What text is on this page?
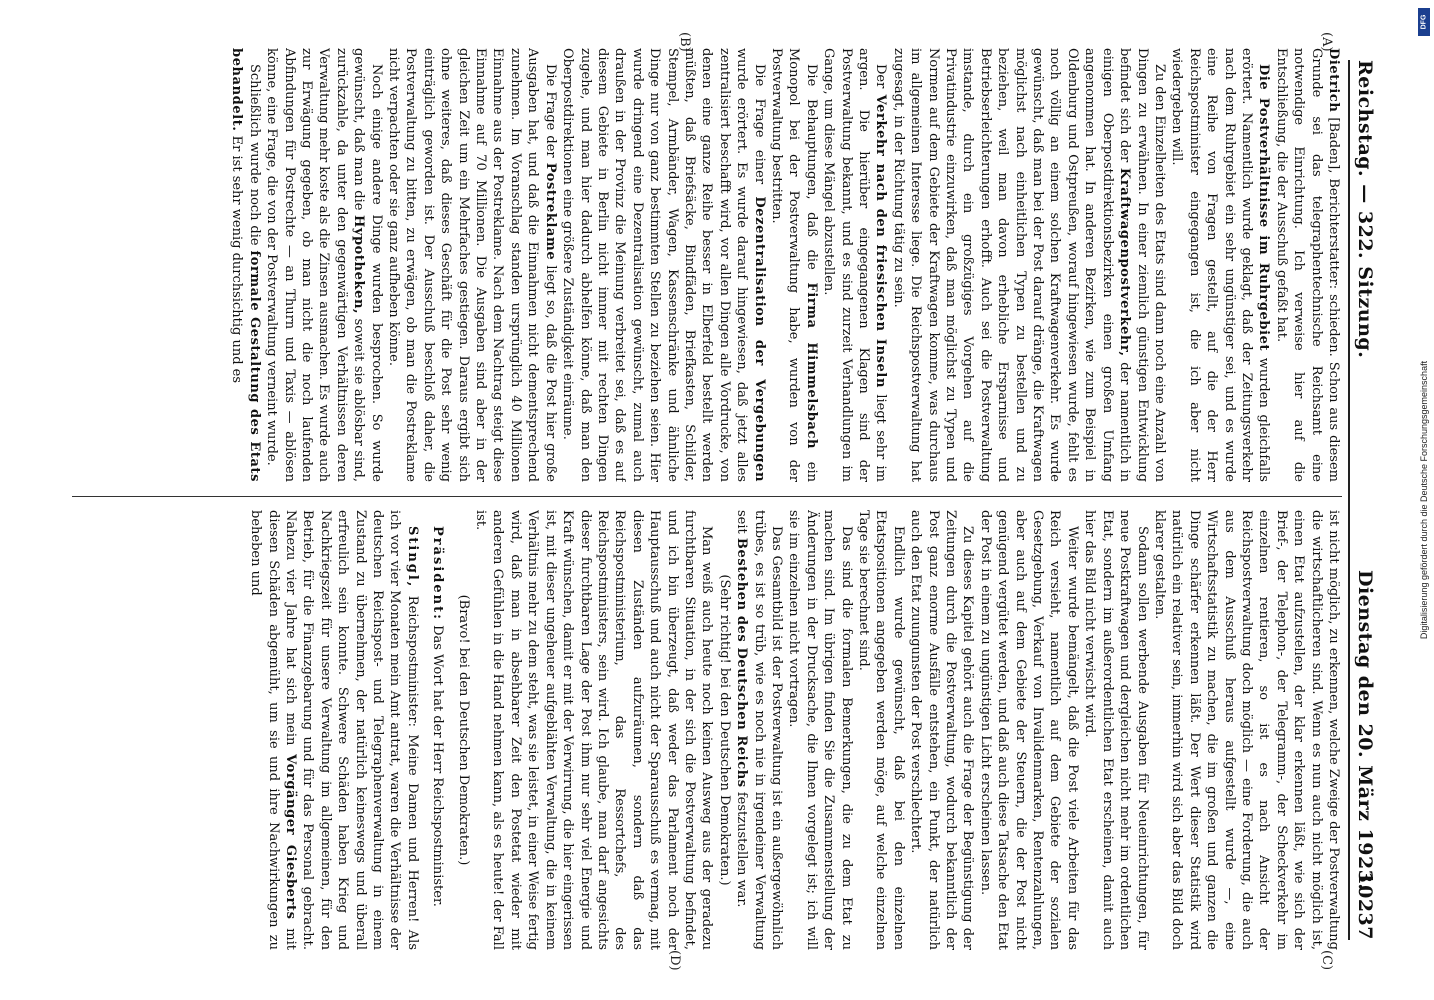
Reichstag. — 322. Sitzung.
Dienstag den 20. März 1923.
10237
(A)
(B)
(C)
(D)

Dietrich [Baden], Berichterstatter: schieden. Schon aus diesem Grunde sei das telegraphentechnische Reichsamt eine notwendige Einrichtung. Ich verweise hier auf die Entschließung, die der Ausschuß gefaßt hat.

Die Postverhältnisse im Ruhrgebiet wurden gleichfalls erörtert. Namentlich wurde geklagt, daß der Zeitungsverkehr nach dem Ruhrgebiet ein sehr ungünstiger sei, und es wurde eine Reihe von Fragen gestellt, auf die der Herr Reichspostminister eingegangen ist, die ich aber nicht wiedergeben will.

Zu den Einzelheiten des Etats sind dann noch eine Anzahl von Dingen zu erwähnen. In einer ziemlich günstigen Entwicklung befindet sich der Kraftwagenpostverkehr, der namentlich in einigen Oberpostdirektionsbezirken einen großen Umfang angenommen hat. In anderen Bezirken, wie zum Beispiel in Oldenburg und Ostpreußen, worauf hingewiesen wurde, fehlt es noch völlig an einem solchen Kraftwagenverkehr. Es wurde gewünscht, daß man bei der Post darauf dränge, die Kraftwagen möglichst nach einheitlichen Typen zu bestellen und zu beziehen, weil man davon erhebliche Ersparnisse und Betriebserleichterungen erhofft. Auch sei die Postverwaltung imstande, durch ein großzügiges Vorgehen auf die Privatindustrie einzuwirken, daß man möglichst zu Typen und Normen auf dem Gebiete der Kraftwagen komme, was durchaus im allgemeinen Interesse liege. Die Reichspostverwaltung hat zugesagt, in der Richtung tätig zu sein.

Der Verkehr nach den friesischen Inseln liegt sehr im argen. Die hierüber eingegangenen Klagen sind der Postverwaltung bekannt, und es sind zurzeit Verhandlungen im Gange, um diese Mängel abzustellen.

Die Behauptungen, daß die Firma Himmelsbach ein Monopol bei der Postverwaltung habe, wurden von der Postverwaltung bestritten.

Die Frage einer Dezentralisation der Vergebungen wurde erörtert. Es wurde darauf hingewiesen, daß jetzt alles zentralisiert beschafft wird, vor allen Dingen alle Vordrucke, von denen eine ganze Reihe besser in Elberfeld bestellt werden müßten, daß Briefsäcke, Bindfäden, Briefkasten, Schilder, Stempel, Armbänder, Wagen, Kassenschränke und ähnliche Dinge nur von ganz bestimmten Stellen zu beziehen seien. Hier wurde dringend eine Dezentralisation gewünscht, zumal auch draußen in der Provinz die Meinung verbreitet sei, daß es auf diesem Gebiete in Berlin nicht immer mit rechten Dingen zugehe, und man hier dadurch abhelfen könne, daß man den Oberpostdirektionen eine größere Zuständigkeit einräume.

Die Frage der Postreklame liegt so, daß die Post hier große Ausgaben hat, und daß die Einnahmen nicht dementsprechend zunehmen. Im Voranschlag standen ursprünglich 40 Millionen Einnahme aus der Postreklame. Nach dem Nachtrag steigt diese Einnahme auf 70 Millionen. Die Ausgaben sind aber in der gleichen Zeit um ein Mehrfaches gestiegen. Daraus ergibt sich ohne weiteres, daß dieses Geschäft für die Post sehr wenig einträglich geworden ist. Der Ausschuß beschloß daher, die Postverwaltung zu bitten, zu erwägen, ob man die Postreklame nicht verpachten oder sie ganz aufheben könne.

Noch einige andere Dinge wurden besprochen. So wurde gewünscht, daß man die Hypotheken, soweit sie ablösbar sind, zurückzahle, da unter den gegenwärtigen Verhältnissen deren Verwaltung mehr koste als die Zinsen ausmachen. Es wurde auch zur Erwägung gegeben, ob man nicht die noch laufenden Abfindungen für Postrechte — an Thurn und Taxis — ablösen könne, eine Frage, die von der Postverwaltung verneint wurde.

Schließlich wurde noch die formale Gestaltung des Etats behandelt. Er ist sehr wenig durchsichtig und es

ist nicht möglich, zu erkennen, welche Zweige der Postverwaltung die wirtschaftlicheren sind. Wenn es nun auch nicht möglich ist, einen Etat aufzustellen, der klar erkennen läßt, wie sich der Brief-, der Telephon-, der Telegramm-, der Scheckverkehr im einzelnen rentieren, so ist es nach Ansicht der Reichspostverwaltung doch möglich — eine Forderung, die auch aus dem Ausschuß heraus aufgestellt wurde —, eine Wirtschaftsstatistik zu machen, die im großen und ganzen die Dinge schärfer erkennen läßt. Der Wert dieser Statistik wird natürlich ein relativer sein, immerhin wird sich aber das Bild doch klarer gestalten.

Sodann sollen werbende Ausgaben für Neueinrichtungen, für neue Postkraftwagen und dergleichen nicht mehr im ordentlichen Etat, sondern im außerordentlichen Etat erscheinen, damit auch hier das Bild nicht verwischt wird.

Weiter wurde bemängelt, daß die Post viele Arbeiten für das Reich versieht, namentlich auf dem Gebiete der sozialen Gesetzgebung, Verkauf von Invalidenmarken, Rentenzahlungen, aber auch auf dem Gebiete der Steuern, die der Post nicht genügend vergütet werden, und daß auch diese Tatsache den Etat der Post in einem zu ungünstigen Licht erscheinen lassen.

Zu dieses Kapitel gehört auch die Frage der Begünstigung der Zeitungen durch die Postverwaltung, wodurch bekanntlich der Post ganz enorme Ausfälle entstehen, ein Punkt, der natürlich auch den Etat zuungunsten der Post verschlechtert.

Endlich wurde gewünscht, daß bei den einzelnen Etatspositionen angegeben werden möge, auf welche einzelnen Tage sie berechnet sind.

Das sind die formalen Bemerkungen, die zu dem Etat zu machen sind. Im übrigen finden Sie die Zusammenstellung der Änderungen in der Drucksache, die Ihnen vorgelegt ist; ich will sie im einzelnen nicht vortragen.

Das Gesamtbild ist der Postverwaltung ist ein außergewöhnlich trübes, es ist so trüb, wie es noch nie in irgendeiner Verwaltung seit Bestehen des Deutschen Reichs festzustellen war.

(Sehr richtig! bei den Deutschen Demokraten.)

Man weiß auch heute noch keinen Ausweg aus der geradezu furchtbaren Situation, in der sich die Postverwaltung befindet, und ich bin überzeugt, daß weder das Parlament noch der Hauptausschuß und auch nicht der Sparausschuß es vermag, mit diesen Zuständen aufzuräumen, sondern daß das Reichspostministerium, das Ressortchefs, des Reichspostministers, sein wird. Ich glaube, man darf angesichts dieser furchtbaren Lage der Post ihm nur sehr viel Energie und Kraft wünschen, damit er mit der Verwirrung, die hier eingerissen ist, mit dieser ungeheuer aufgeblähten Verwaltung, die in keinem Verhältnis mehr zu dem steht, was sie leistet, in einer Weise fertig wird, daß man in absehbarer Zeit den Postetat wieder mit anderen Gefühlen in die Hand nehmen kann, als es heute! der Fall ist.

(Bravo! bei den Deutschen Demokraten.)

Präsident: Das Wort hat der Herr Reichspostminister.

Stingl, Reichspostminister: Meine Damen und Herren! Als ich vor vier Monaten mein Amt antrat, waren die Verhältnisse der deutschen Reichspost- und Telegraphenverwaltung in einem Zustand zu übernehmen, der natürlich keineswegs und überall erfreulich sein konnte. Schwere Schäden haben Krieg und Nachkriegszeit für unsere Verwaltung im allgemeinen, für den Betrieb, für die Finanzgebarung und für das Personal gebracht. Nahezu vier Jahre hat sich mein Vorgänger Giesberts mit diesen Schäden abgemüht, um sie und ihre Nachwirkungen zu beheben und

DFG
Digitalisierung gefördert durch die Deutsche Forschungsgemeinschaft
